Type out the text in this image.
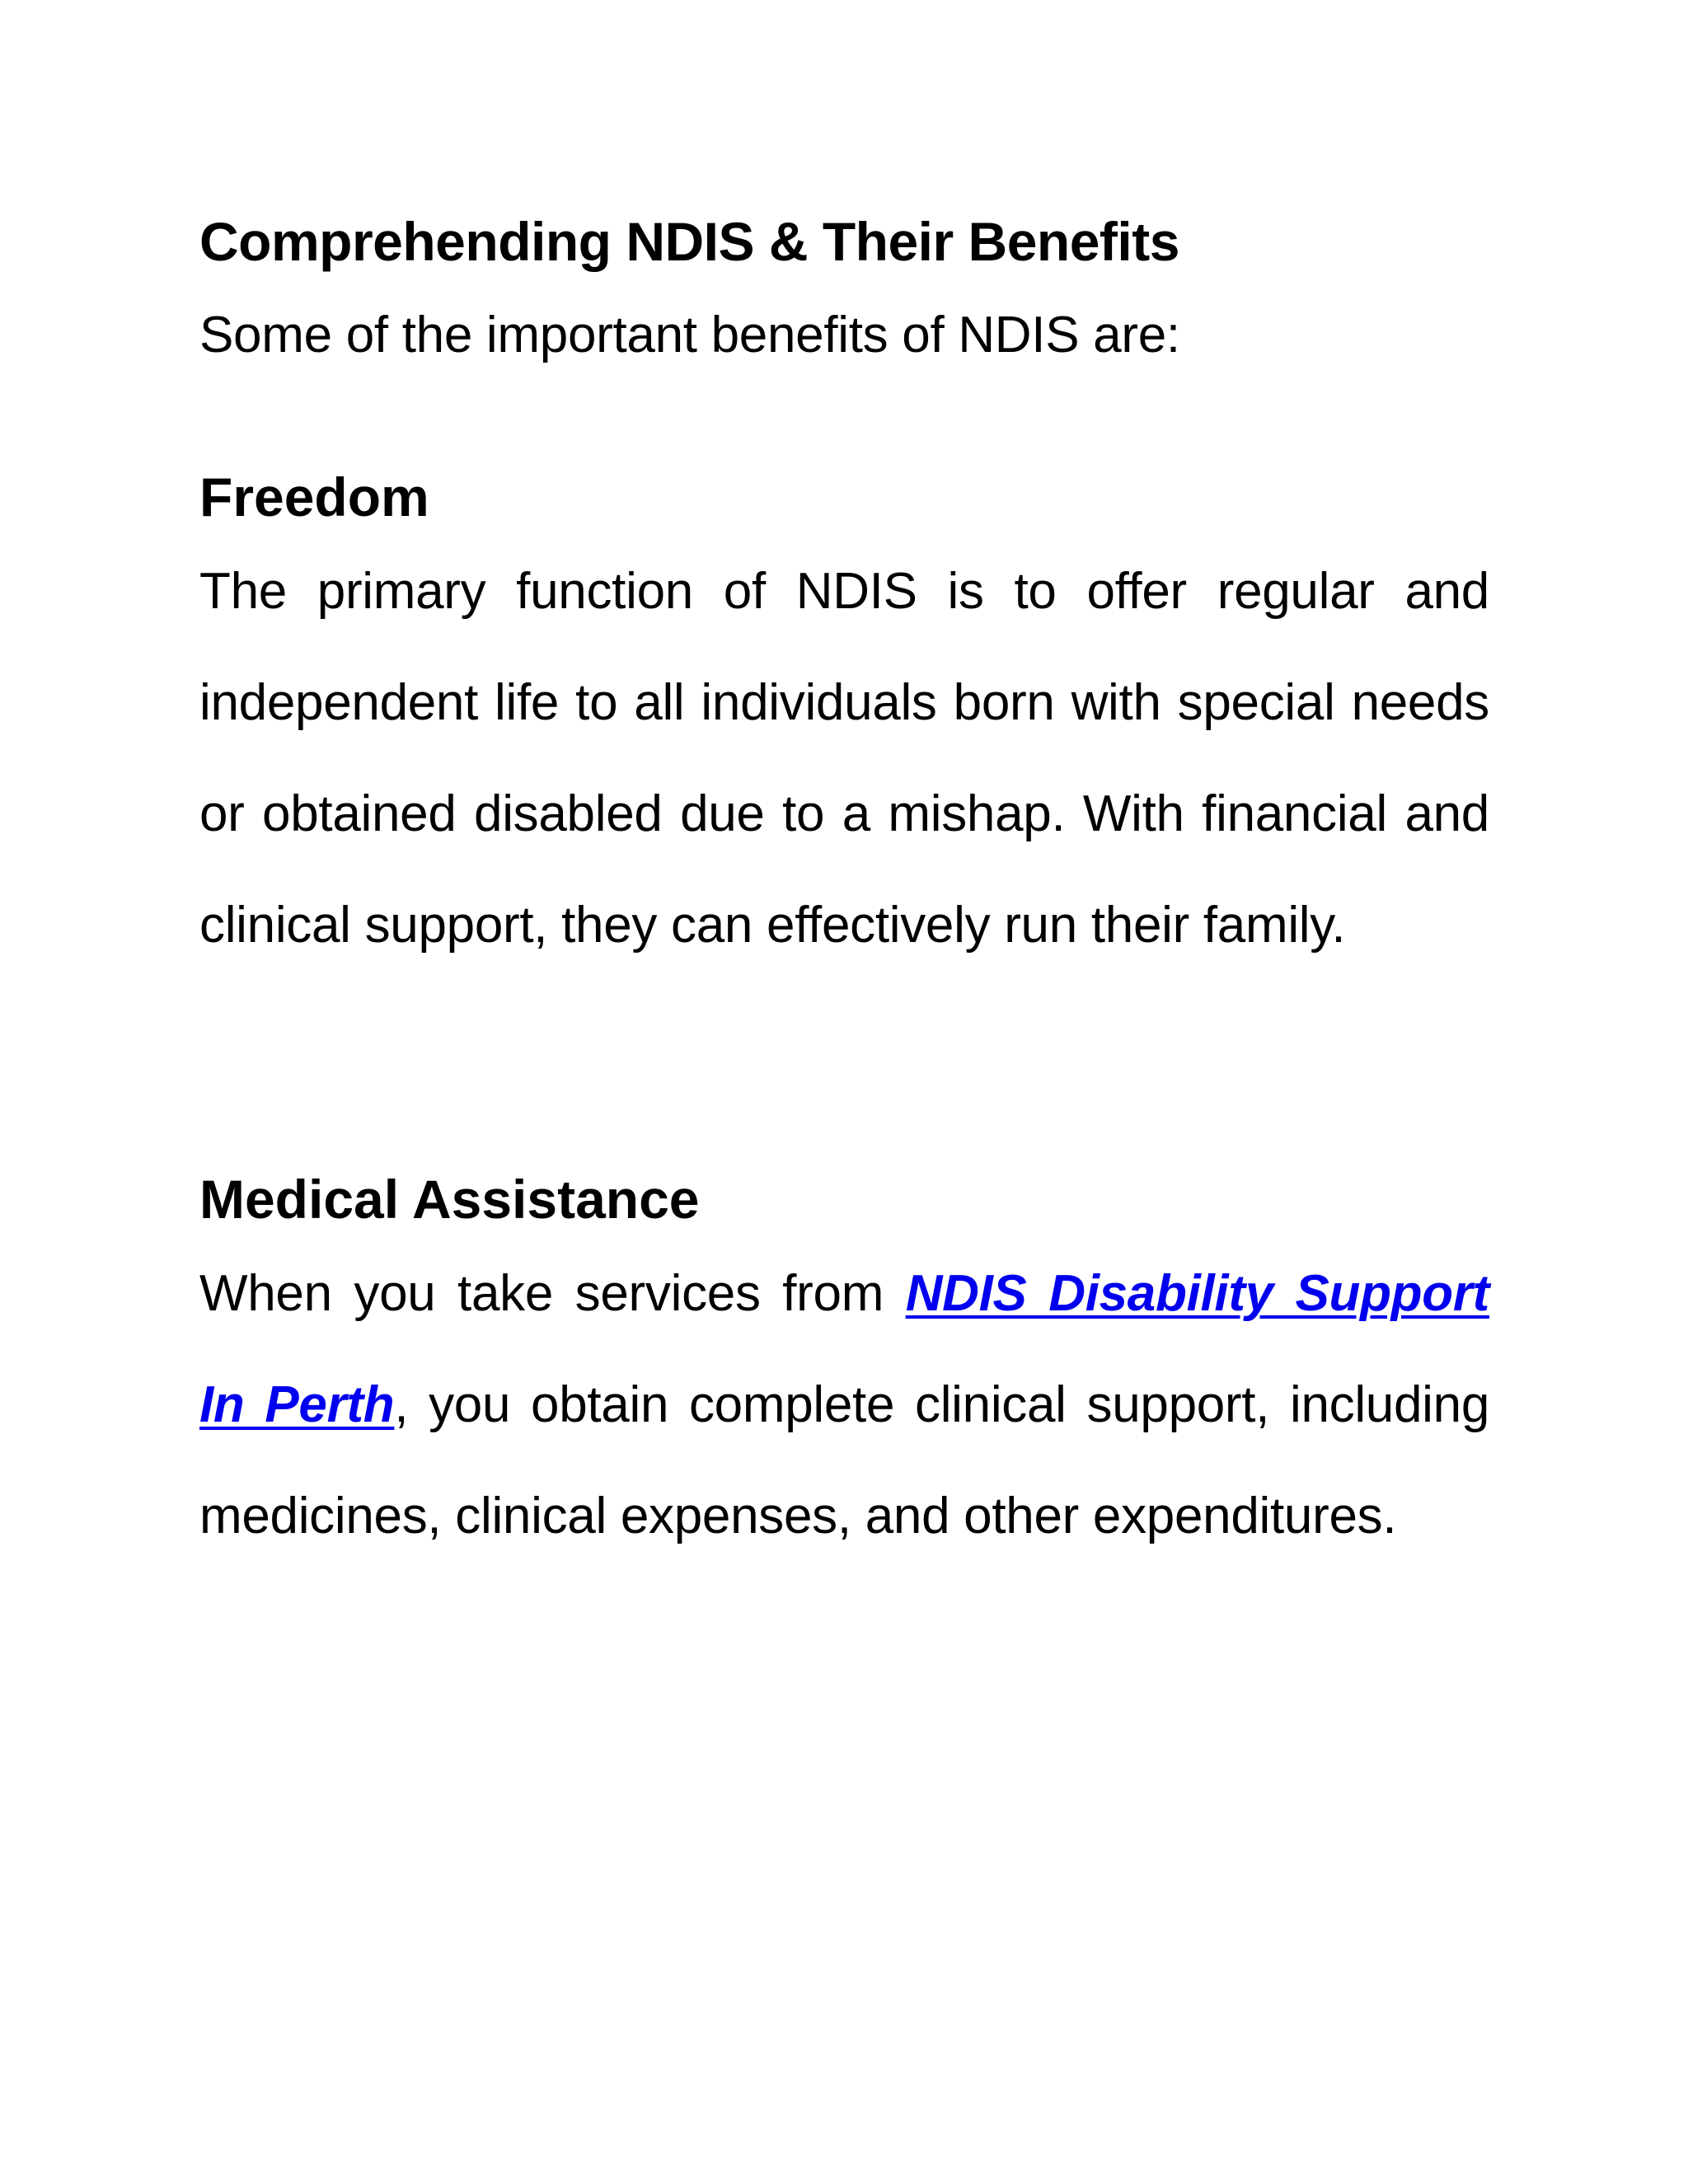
Comprehending NDIS & Their Benefits
Some of the important benefits of NDIS are:
Freedom
The primary function of NDIS is to offer regular and independent life to all individuals born with special needs or obtained disabled due to a mishap. With financial and clinical support, they can effectively run their family.
Medical Assistance
When you take services from NDIS Disability Support In Perth, you obtain complete clinical support, including medicines, clinical expenses, and other expenditures.
